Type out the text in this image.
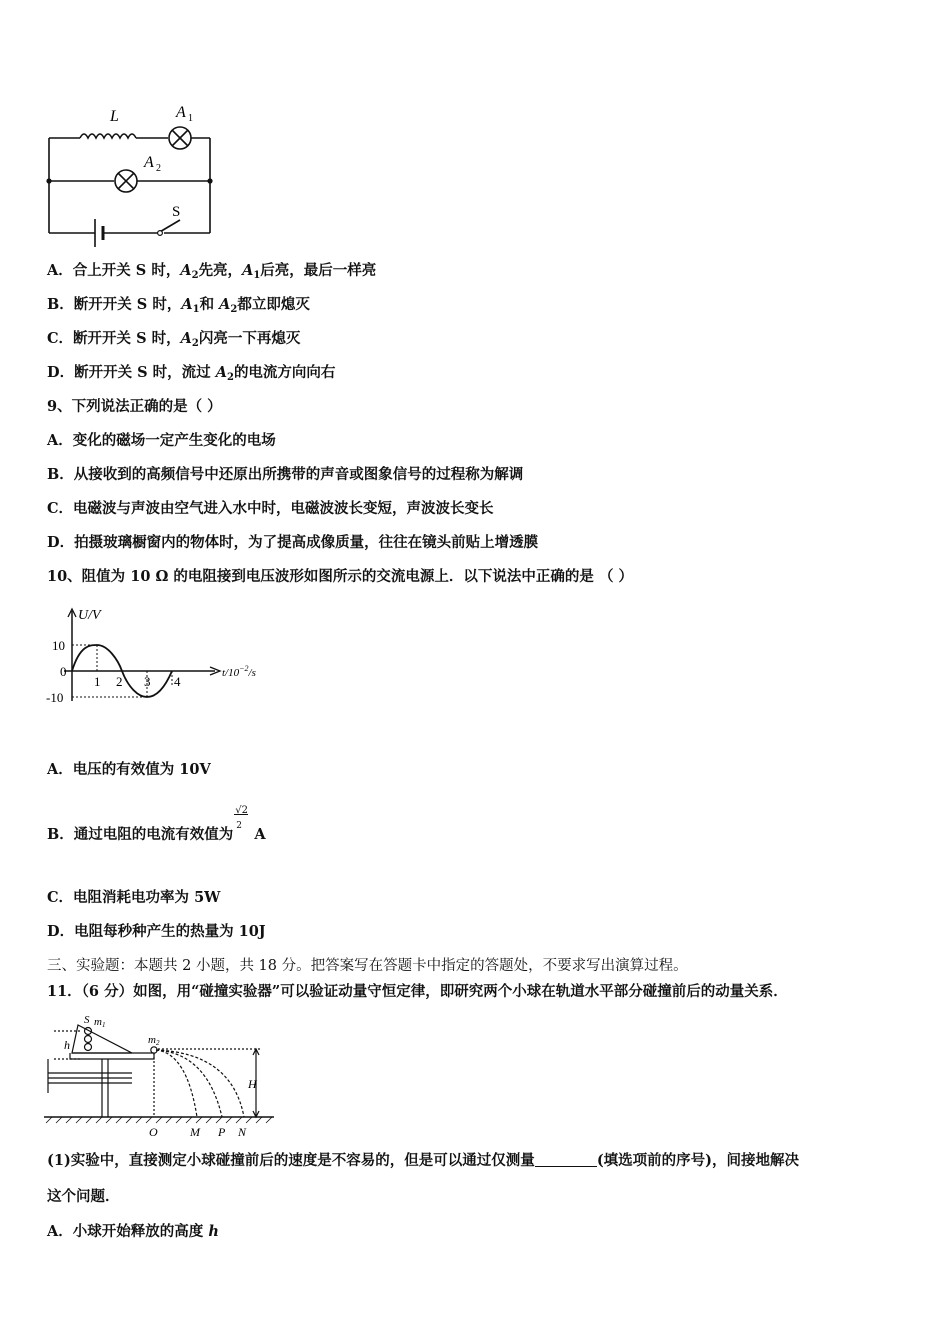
L	A 1
A 2
S
A．合上开关 S 时，$A_2$先亮，$A_1$后亮，最后一样亮
B．断开开关 S 时，$A_1$和 $A_2$都立即熄灭
C．断开开关 S 时，$A_2$闪亮一下再熄灭
D．断开开关 S 时，流过 $A_2$的电流方向向右
9、下列说法正确的是（ ）
A．变化的磁场一定产生变化的电场
B．从接收到的高频信号中还原出所携带的声音或图象信号的过程称为解调
C．电磁波与声波由空气进入水中时，电磁波波长变短，声波波长变长
D．拍摄玻璃橱窗内的物体时，为了提高成像质量，往往在镜头前贴上增透膜
10、阻值为 10 Ω 的电阻接到电压波形如图所示的交流电源上．以下说法中正确的是 （ ）
U/V
$t/10^{-2}/s$
10
0
-10
1 2 3 4
A．电压的有效值为 10V
B．通过电阻的电流有效值为 $\frac{√2}{2}$ A
C．电阻消耗电功率为 5W
D．电阻每秒种产生的热量为 10J
三、实验题：本题共 2 小题，共 18 分。把答案写在答题卡中指定的答题处，不要求写出演算过程。
11．（6 分）如图，用“碰撞实验器”可以验证动量守恒定律，即研究两个小球在轨道水平部分碰撞前后的动量关系．
S m1
m2
h
H
O	M P N
(1)实验中，直接测定小球碰撞前后的速度是不容易的，但是可以通过仅测量	(填选项前的序号)，间接地解决
这个问题．
A．小球开始释放的高度 h
